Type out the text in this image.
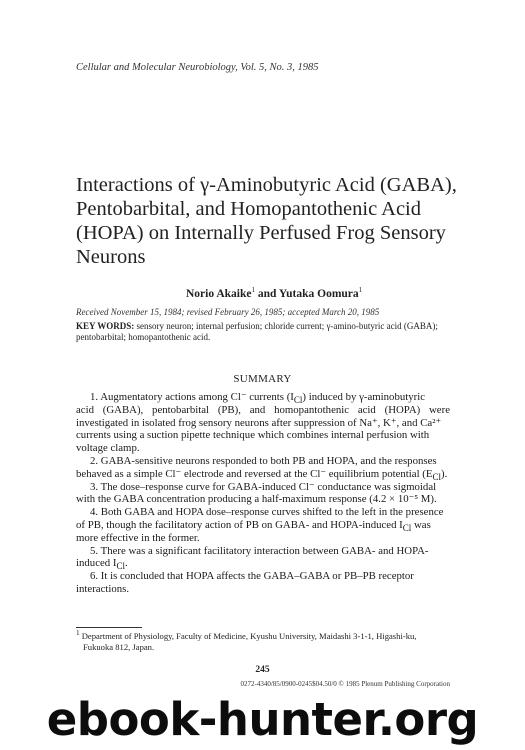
Cellular and Molecular Neurobiology, Vol. 5, No. 3, 1985
Interactions of γ-Aminobutyric Acid (GABA),
Pentobarbital, and Homopantothenic Acid
(HOPA) on Internally Perfused Frog Sensory
Neurons
Norio Akaike$^1$ and Yutaka Oomura$^1$
Received November 15, 1984; revised February 26, 1985; accepted March 20, 1985
KEY WORDS: sensory neuron; internal perfusion; chloride current; γ-amino-butyric acid (GABA);
pentobarbital; homopantothenic acid.
SUMMARY
1. Augmentatory actions among Cl⁻ currents $(I_{Cl})$ induced by γ-aminobutyric
acid (GABA), pentobarbital (PB), and homopantothenic acid (HOPA) were
investigated in isolated frog sensory neurons after suppression of Na⁺, K⁺, and Ca²⁺
currents using a suction pipette technique which combines internal perfusion with
voltage clamp.
2. GABA-sensitive neurons responded to both PB and HOPA, and the responses
behaved as a simple Cl⁻ electrode and reversed at the Cl⁻ equilibrium potential $(E_{Cl})$.
3. The dose–response curve for GABA-induced Cl⁻ conductance was sigmoidal
with the GABA concentration producing a half-maximum response (4.2 × 10⁻⁵ M).
4. Both GABA and HOPA dose–response curves shifted to the left in the presence
of PB, though the facilitatory action of PB on GABA- and HOPA-induced $I_{Cl}$ was
more effective in the former.
5. There was a significant facilitatory interaction between GABA- and HOPA-
induced $I_{Cl}$.
6. It is concluded that HOPA affects the GABA–GABA or PB–PB receptor
interactions.
$^1$ Department of Physiology, Faculty of Medicine, Kyushu University, Maidashi 3-1-1, Higashi-ku,
Fukuoka 812, Japan.
245
0272-4340/85/0900-0245$04.50/0 © 1985 Plenum Publishing Corporation
ebook-hunter.org
